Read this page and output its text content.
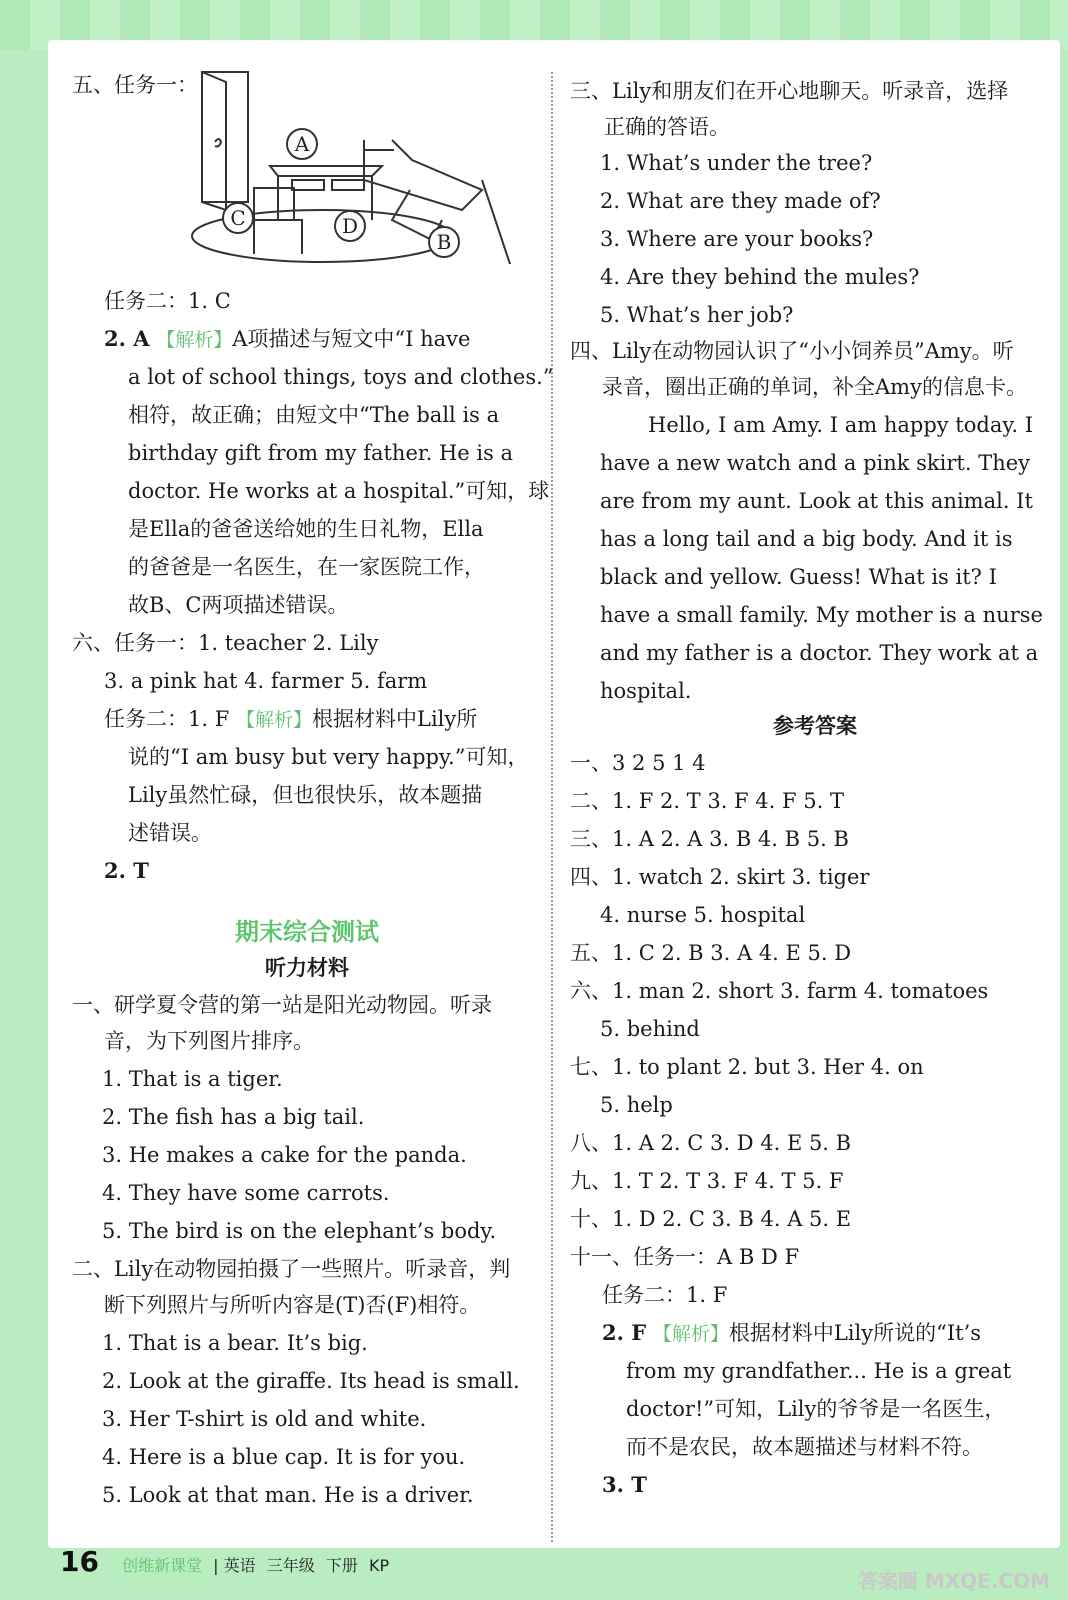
五、任务一：
A
B
C	D
任务二：1. C
2. A 【解析】A项描述与短文中“I have
a lot of school things, toys and clothes.”
相符，故正确；由短文中“The ball is a
birthday gift from my father. He is a
doctor. He works at a hospital.”可知，球
是Ella的爸爸送给她的生日礼物，Ella
的爸爸是一名医生，在一家医院工作，
故B、C两项描述错误。
六、任务一：1. teacher 2. Lily
3. a pink hat 4. farmer 5. farm
任务二：1. F 【解析】根据材料中Lily所
说的“I am busy but very happy.”可知，
Lily虽然忙碌，但也很快乐，故本题描
述错误。
2. T
期末综合测试
听力材料
一、研学夏令营的第一站是阳光动物园。听录
音，为下列图片排序。
1. That is a tiger.
2. The fish has a big tail.
3. He makes a cake for the panda.
4. They have some carrots.
5. The bird is on the elephant’s body.
二、Lily在动物园拍摄了一些照片。听录音，判
断下列照片与所听内容是(T)否(F)相符。
1. That is a bear. It’s big.
2. Look at the giraffe. Its head is small.
3. Her T-shirt is old and white.
4. Here is a blue cap. It is for you.
5. Look at that man. He is a driver.
三、Lily和朋友们在开心地聊天。听录音，选择
正确的答语。
1. What’s under the tree?
2. What are they made of?
3. Where are your books?
4. Are they behind the mules?
5. What’s her job?
四、Lily在动物园认识了“小小饲养员”Amy。听
录音，圈出正确的单词，补全Amy的信息卡。
Hello, I am Amy. I am happy today. I
have a new watch and a pink skirt. They
are from my aunt. Look at this animal. It
has a long tail and a big body. And it is
black and yellow. Guess! What is it? I
have a small family. My mother is a nurse
and my father is a doctor. They work at a
hospital.
参考答案
一、3 2 5 1 4
二、1. F 2. T 3. F 4. F 5. T
三、1. A 2. A 3. B 4. B 5. B
四、1. watch 2. skirt 3. tiger
4. nurse 5. hospital
五、1. C 2. B 3. A 4. E 5. D
六、1. man 2. short 3. farm 4. tomatoes
5. behind
七、1. to plant 2. but 3. Her 4. on
5. help
八、1. A 2. C 3. D 4. E 5. B
九、1. T 2. T 3. F 4. T 5. F
十、1. D 2. C 3. B 4. A 5. E
十一、任务一：A B D F
任务二：1. F
2. F 【解析】根据材料中Lily所说的“It’s
from my grandfather... He is a great
doctor!”可知，Lily的爷爷是一名医生，
而不是农民，故本题描述与材料不符。
3. T
16 创维新课堂 | 英语 三年级 下册 KP
答案圈 MXQE.COM
